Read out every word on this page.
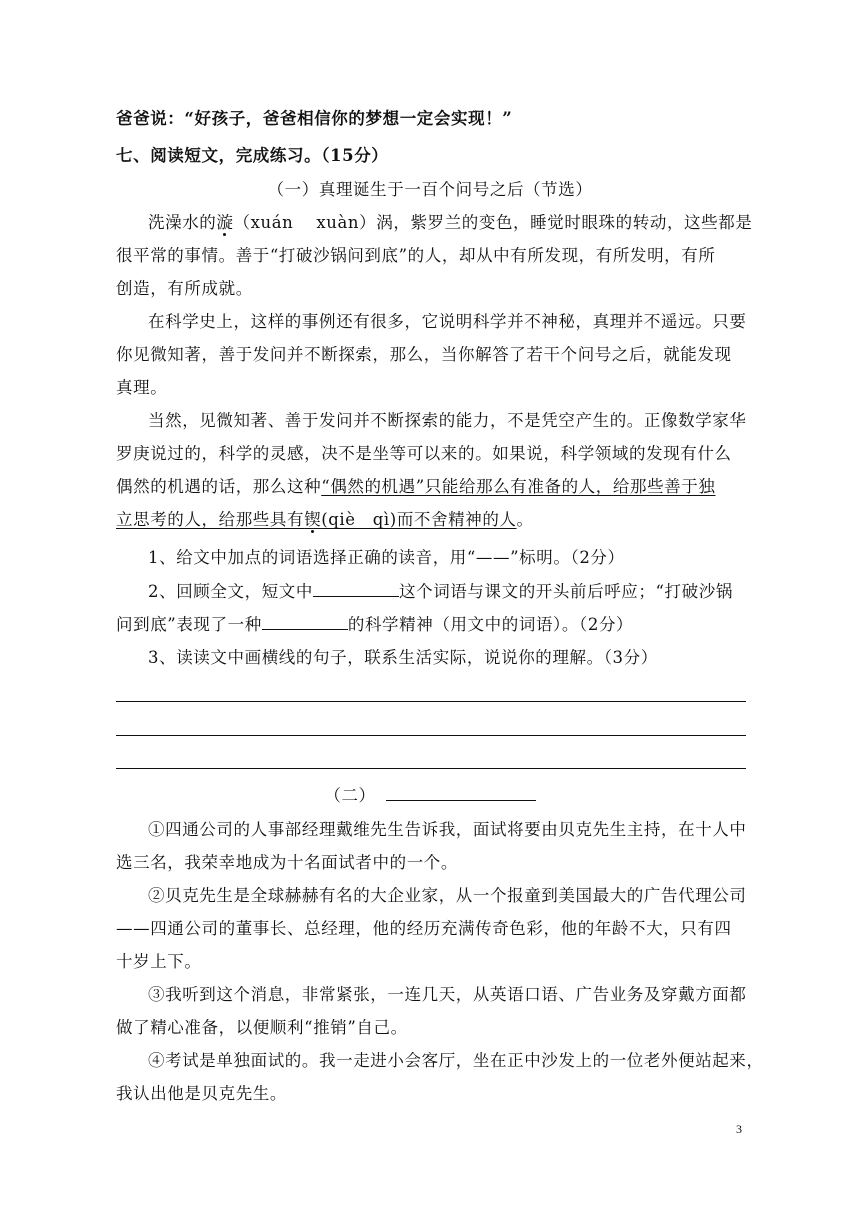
爸爸说：“好孩子，爸爸相信你的梦想一定会实现！”
七、阅读短文，完成练习。（15分）
（一）真理诞生于一百个问号之后（节选）
洗澡水的漩（xuán　 xuàn）涡，紫罗兰的变色，睡觉时眼珠的转动，这些都是
很平常的事情。善于“打破沙锅问到底”的人，却从中有所发现，有所发明，有所
创造，有所成就。
在科学史上，这样的事例还有很多，它说明科学并不神秘，真理并不遥远。只要
你见微知著，善于发问并不断探索，那么，当你解答了若干个问号之后，就能发现
真理。
当然，见微知著、善于发问并不断探索的能力，不是凭空产生的。正像数学家华
罗庚说过的，科学的灵感，决不是坐等可以来的。如果说，科学领域的发现有什么
偶然的机遇的话，那么这种“偶然的机遇”只能给那么有准备的人，给那些善于独
立思考的人，给那些具有锲(qiè　qì)而不舍精神的人。
1、给文中加点的词语选择正确的读音，用“——”标明。（2分）
2、回顾全文，短文中	这个词语与课文的开头前后呼应；“打破沙锅
问到底”表现了一种	的科学精神（用文中的词语）。（2分）
3、读读文中画横线的句子，联系生活实际，说说你的理解。（3分）
（二）
①四通公司的人事部经理戴维先生告诉我，面试将要由贝克先生主持，在十人中
选三名，我荣幸地成为十名面试者中的一个。
②贝克先生是全球赫赫有名的大企业家，从一个报童到美国最大的广告代理公司
——四通公司的董事长、总经理，他的经历充满传奇色彩，他的年龄不大，只有四
十岁上下。
③我听到这个消息，非常紧张，一连几天，从英语口语、广告业务及穿戴方面都
做了精心准备，以便顺利“推销”自己。
④考试是单独面试的。我一走进小会客厅，坐在正中沙发上的一位老外便站起来，
我认出他是贝克先生。
3
